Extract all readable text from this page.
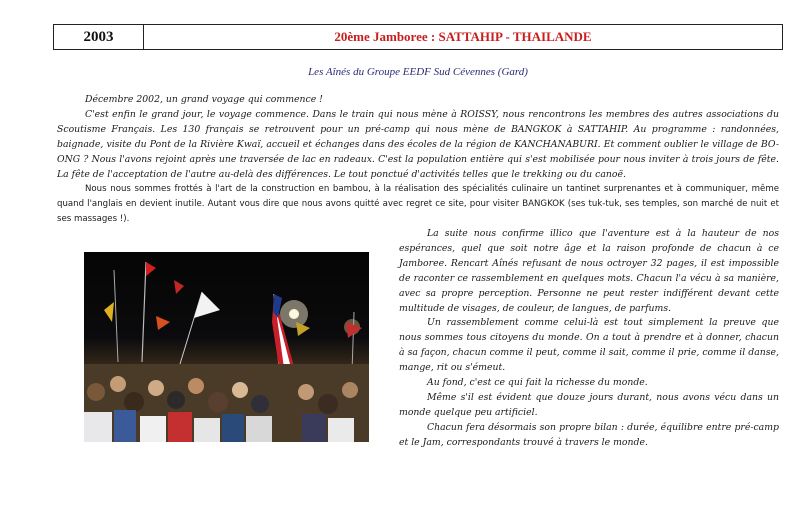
2003	20ème Jamboree : SATTAHIP - THAILANDE
Les Aînés du Groupe EEDF Sud Cévennes (Gard)

Décembre 2002, un grand voyage qui commence !

C'est enfin le grand jour, le voyage commence. Dans le train qui nous mène à ROISSY, nous rencontrons les membres des autres associations du Scoutisme Français. Les 130 français se retrouvent pour un pré-camp qui nous mène de BANGKOK à SATTAHIP. Au programme : randonnées, baignade, visite du Pont de la Rivière Kwaï, accueil et échanges dans des écoles de la région de KANCHANABURI. Et comment oublier le village de BO-ONG ? Nous l'avons rejoint après une traversée de lac en radeaux. C'est la population entière qui s'est mobilisée pour nous inviter à trois jours de fête. La fête de l'acceptation de l'autre au-delà des différences. Le tout ponctué d'activités telles que le trekking ou du canoë.

Nous nous sommes frottés à l'art de la construction en bambou, à la réalisation des spécialités culinaire un tantinet surprenantes et à communiquer, même quand l'anglais en devient inutile. Autant vous dire que nous avons quitté avec regret ce site, pour visiter BANGKOK (ses tuk-tuk, ses temples, son marché de nuit et ses massages !).

La suite nous confirme illico que l'aventure est à la hauteur de nos espérances, quel que soit notre âge et la raison profonde de chacun à ce Jamboree. Rencart Aînés refusant de nous octroyer 32 pages, il est impossible de raconter ce rassemblement en quelques mots. Chacun l'a vécu à sa manière, avec sa propre perception. Personne ne peut rester indifférent devant cette multitude de visages, de couleur, de langues, de parfums.

Un rassemblement comme celui-là est tout simplement la preuve que nous sommes tous citoyens du monde. On a tout à prendre et à donner, chacun à sa façon, chacun comme il peut, comme il sait, comme il prie, comme il danse, mange, rit ou s'émeut.

Au fond, c'est ce qui fait la richesse du monde.

Même s'il est évident que douze jours durant, nous avons vécu dans un monde quelque peu artificiel.

Chacun fera désormais son propre bilan : durée, équilibre entre pré-camp et le Jam, correspondants trouvé à travers le monde.
